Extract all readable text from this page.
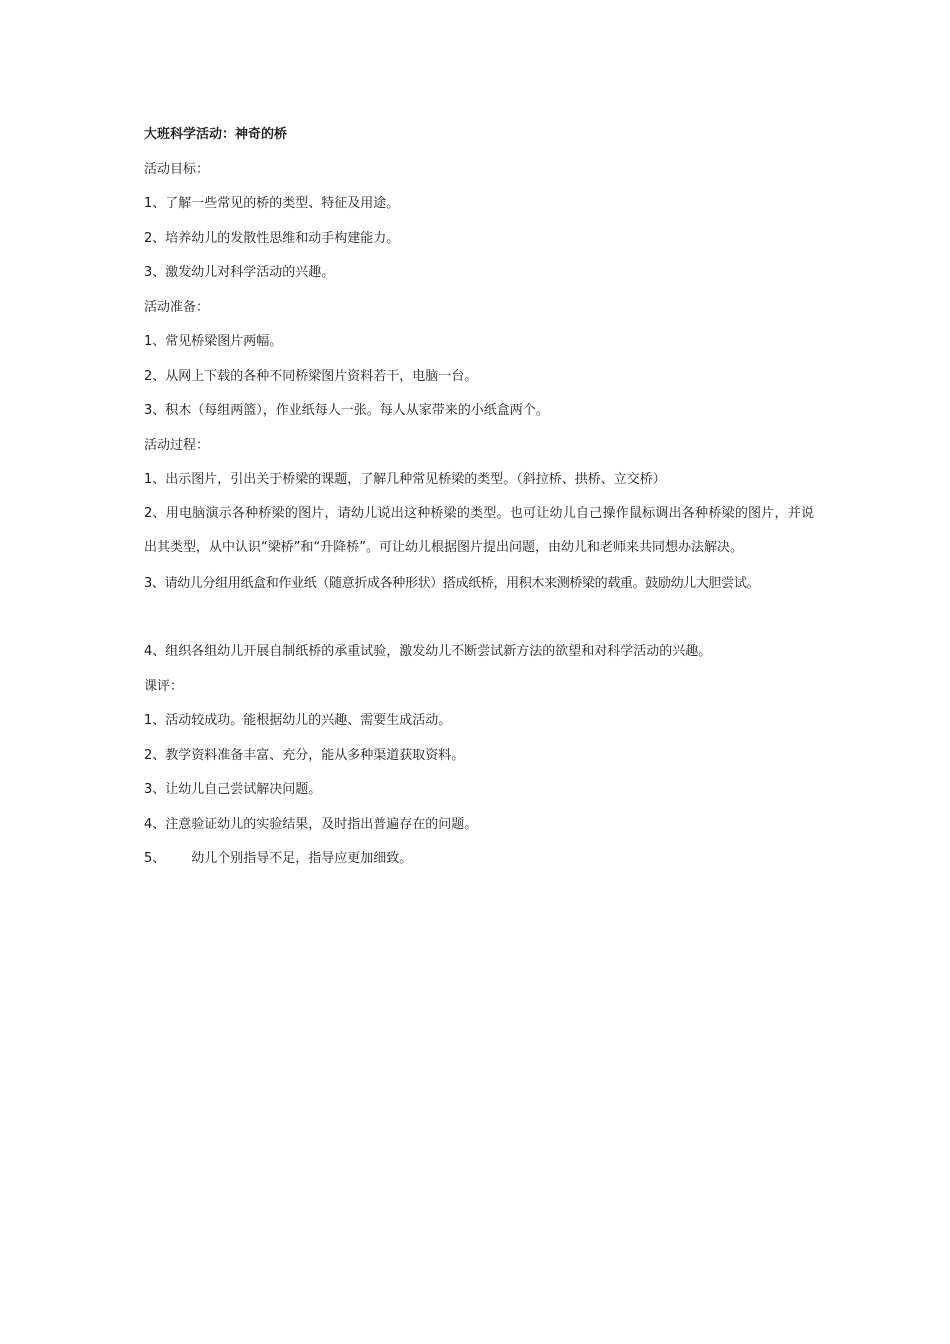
大班科学活动：神奇的桥
活动目标：
1、了解一些常见的桥的类型、特征及用途。
2、培养幼儿的发散性思维和动手构建能力。
3、激发幼儿对科学活动的兴趣。
活动准备：
1、常见桥梁图片两幅。
2、从网上下载的各种不同桥梁图片资料若干，电脑一台。
3、积木（每组两篮），作业纸每人一张。每人从家带来的小纸盒两个。
活动过程：
1、出示图片，引出关于桥梁的课题，了解几种常见桥梁的类型。（斜拉桥、拱桥、立交桥）
2、用电脑演示各种桥梁的图片，请幼儿说出这种桥梁的类型。也可让幼儿自己操作鼠标调出各种桥梁的图片，并说出其类型，从中认识“梁桥”和“升降桥”。可让幼儿根据图片提出问题，由幼儿和老师来共同想办法解决。
3、请幼儿分组用纸盒和作业纸（随意折成各种形状）搭成纸桥，用积木来测桥梁的载重。鼓励幼儿大胆尝试。
4、组织各组幼儿开展自制纸桥的承重试验，激发幼儿不断尝试新方法的欲望和对科学活动的兴趣。
课评：
1、活动较成功。能根据幼儿的兴趣、需要生成活动。
2、教学资料准备丰富、充分，能从多种渠道获取资料。
3、让幼儿自己尝试解决问题。
4、注意验证幼儿的实验结果，及时指出普遍存在的问题。
5、 幼儿个别指导不足，指导应更加细致。
